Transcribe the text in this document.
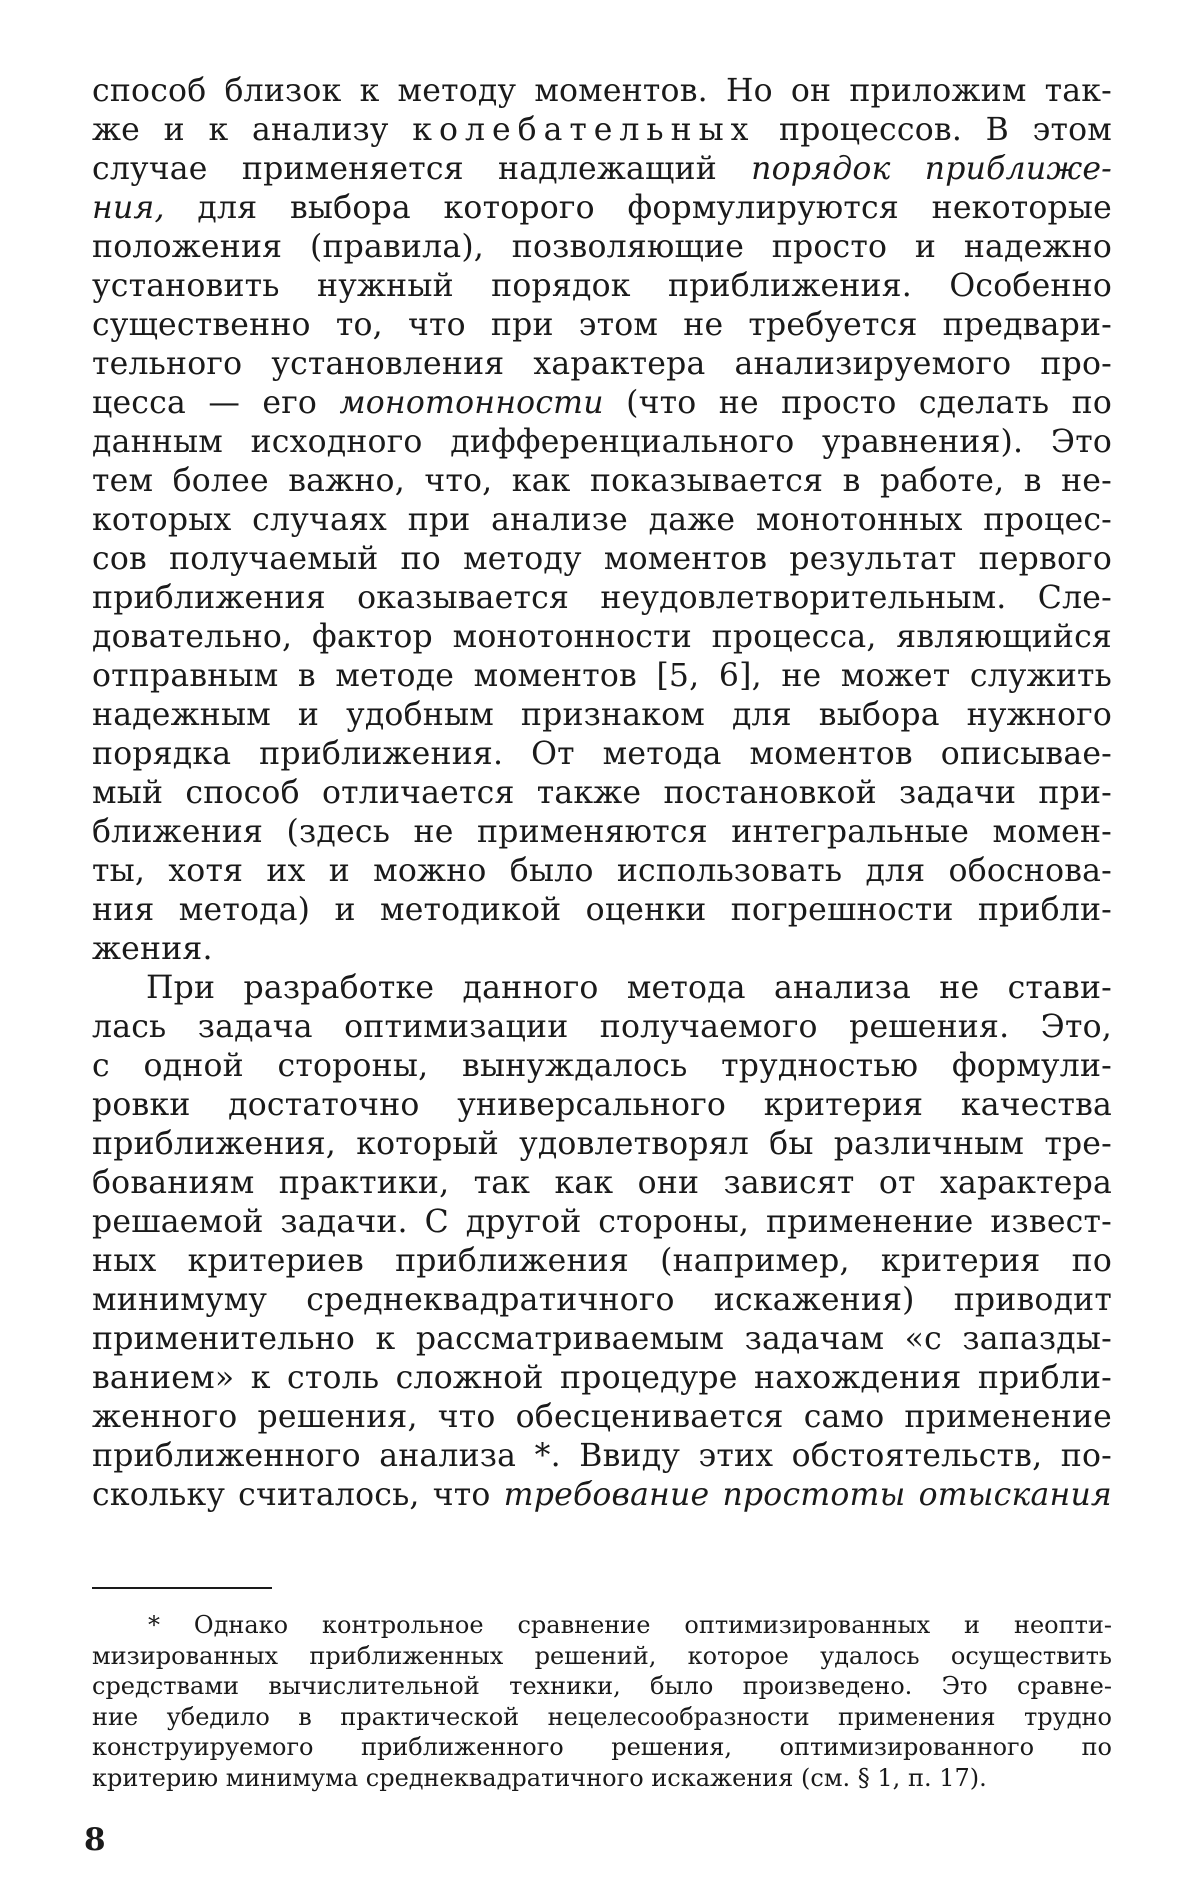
способ близок к методу моментов. Но он приложим так-
же и к анализу колебательных процессов. В этом
случае применяется надлежащий порядок приближе-
ния, для выбора которого формулируются некоторые
положения (правила), позволяющие просто и надежно
установить нужный порядок приближения. Особенно
существенно то, что при этом не требуется предвари-
тельного установления характера анализируемого про-
цесса — его монотонности (что не просто сделать по
данным исходного дифференциального уравнения). Это
тем более важно, что, как показывается в работе, в не-
которых случаях при анализе даже монотонных процес-
сов получаемый по методу моментов результат первого
приближения оказывается неудовлетворительным. Сле-
довательно, фактор монотонности процесса, являющийся
отправным в методе моментов [5, 6], не может служить
надежным и удобным признаком для выбора нужного
порядка приближения. От метода моментов описывае-
мый способ отличается также постановкой задачи при-
ближения (здесь не применяются интегральные момен-
ты, хотя их и можно было использовать для обоснова-
ния метода) и методикой оценки погрешности прибли-
жения.
При разработке данного метода анализа не стави-
лась задача оптимизации получаемого решения. Это,
с одной стороны, вынуждалось трудностью формули-
ровки достаточно универсального критерия качества
приближения, который удовлетворял бы различным тре-
бованиям практики, так как они зависят от характера
решаемой задачи. С другой стороны, применение извест-
ных критериев приближения (например, критерия по
минимуму среднеквадратичного искажения) приводит
применительно к рассматриваемым задачам «с запазды-
ванием» к столь сложной процедуре нахождения прибли-
женного решения, что обесценивается само применение
приближенного анализа *. Ввиду этих обстоятельств, по-
скольку считалось, что требование простоты отыскания
* Однако контрольное сравнение оптимизированных и неопти-
мизированных приближенных решений, которое удалось осуществить
средствами вычислительной техники, было произведено. Это сравне-
ние убедило в практической нецелесообразности применения трудно
конструируемого приближенного решения, оптимизированного по
критерию минимума среднеквадратичного искажения (см. § 1, п. 17).
8
